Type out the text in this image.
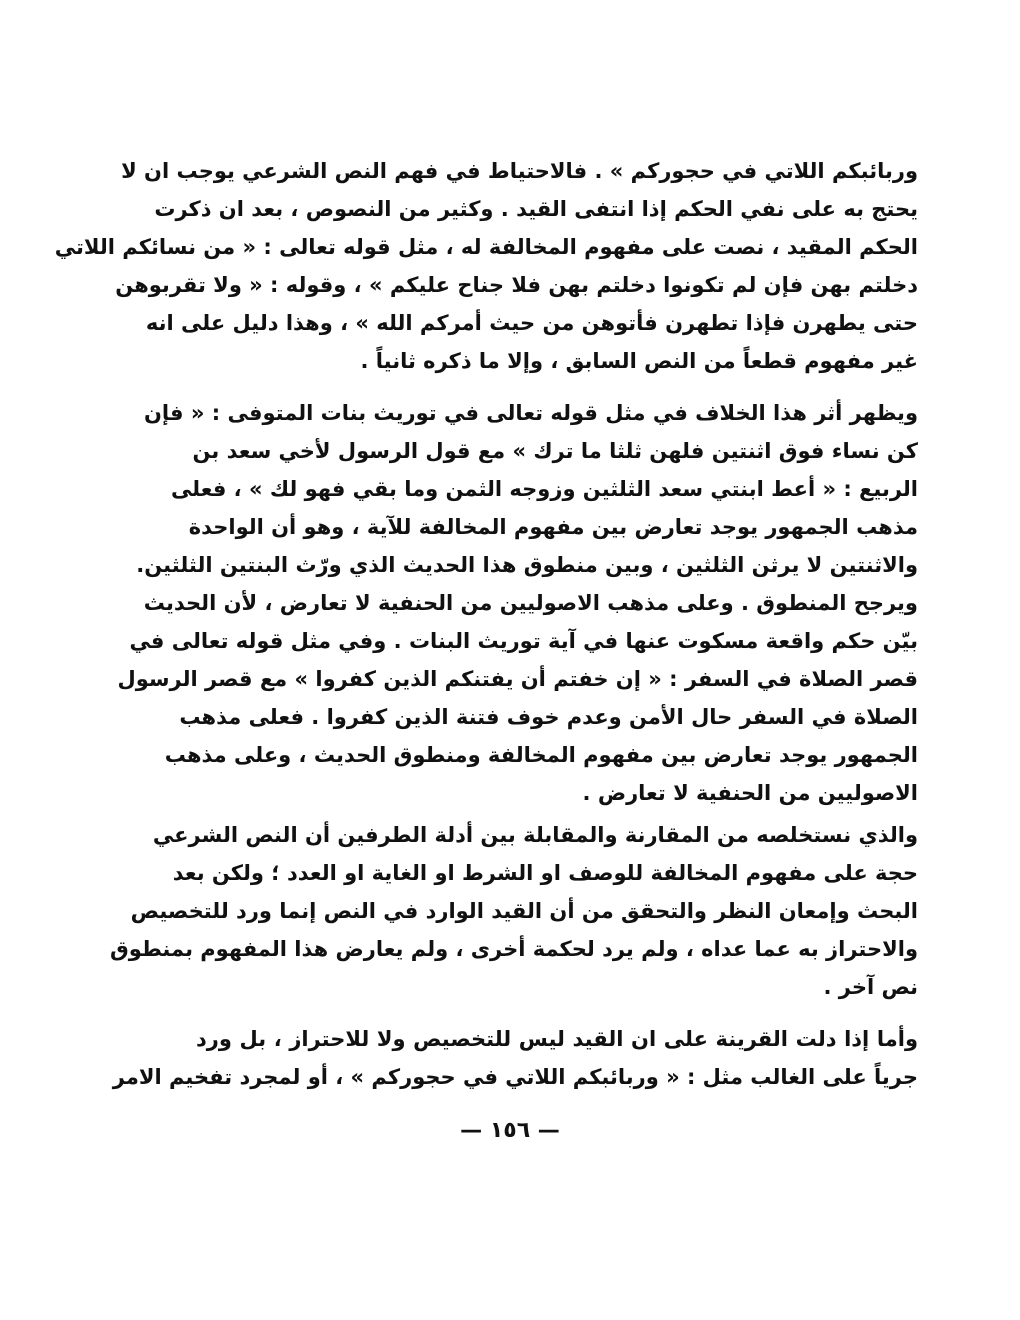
وربائبكم اللاتي في حجوركم » . فالاحتياط في فهم النص الشرعي يوجب ان لا
يحتج به على نفي الحكم إذا انتفى القيد . وكثير من النصوص ، بعد ان ذكرت
الحكم المقيد ، نصت على مفهوم المخالفة له ، مثل قوله تعالى : « من نسائكم اللاتي
دخلتم بهن فإن لم تكونوا دخلتم بهن فلا جناح عليكم » ، وقوله : « ولا تقربوهن
حتى يطهرن فإذا تطهرن فأتوهن من حيث أمركم الله » ، وهذا دليل على انه
غير مفهوم قطعاً من النص السابق ، وإلا ما ذكره ثانياً .
ويظهر أثر هذا الخلاف في مثل قوله تعالى في توريث بنات المتوفى : « فإن
كن نساء فوق اثنتين فلهن ثلثا ما ترك » مع قول الرسول لأخي سعد بن
الربيع : « أعط ابنتي سعد الثلثين وزوجه الثمن وما بقي فهو لك » ، فعلى
مذهب الجمهور يوجد تعارض بين مفهوم المخالفة للآية ، وهو أن الواحدة
والاثنتين لا يرثن الثلثين ، وبين منطوق هذا الحديث الذي ورّث البنتين الثلثين.
ويرجح المنطوق . وعلى مذهب الاصوليين من الحنفية لا تعارض ، لأن الحديث
بيّن حكم واقعة مسكوت عنها في آية توريث البنات . وفي مثل قوله تعالى في
قصر الصلاة في السفر : « إن خفتم أن يفتنكم الذين كفروا » مع قصر الرسول
الصلاة في السفر حال الأمن وعدم خوف فتنة الذين كفروا . فعلى مذهب
الجمهور يوجد تعارض بين مفهوم المخالفة ومنطوق الحديث ، وعلى مذهب
الاصوليين من الحنفية لا تعارض .
والذي نستخلصه من المقارنة والمقابلة بين أدلة الطرفين أن النص الشرعي
حجة على مفهوم المخالفة للوصف او الشرط او الغاية او العدد ؛ ولكن بعد
البحث وإمعان النظر والتحقق من أن القيد الوارد في النص إنما ورد للتخصيص
والاحتراز به عما عداه ، ولم يرد لحكمة أخرى ، ولم يعارض هذا المفهوم بمنطوق
نص آخر .
وأما إذا دلت القرينة على ان القيد ليس للتخصيص ولا للاحتراز ، بل ورد
جرياً على الغالب مثل : « وربائبكم اللاتي في حجوركم » ، أو لمجرد تفخيم الامر
— ١٥٦ —
